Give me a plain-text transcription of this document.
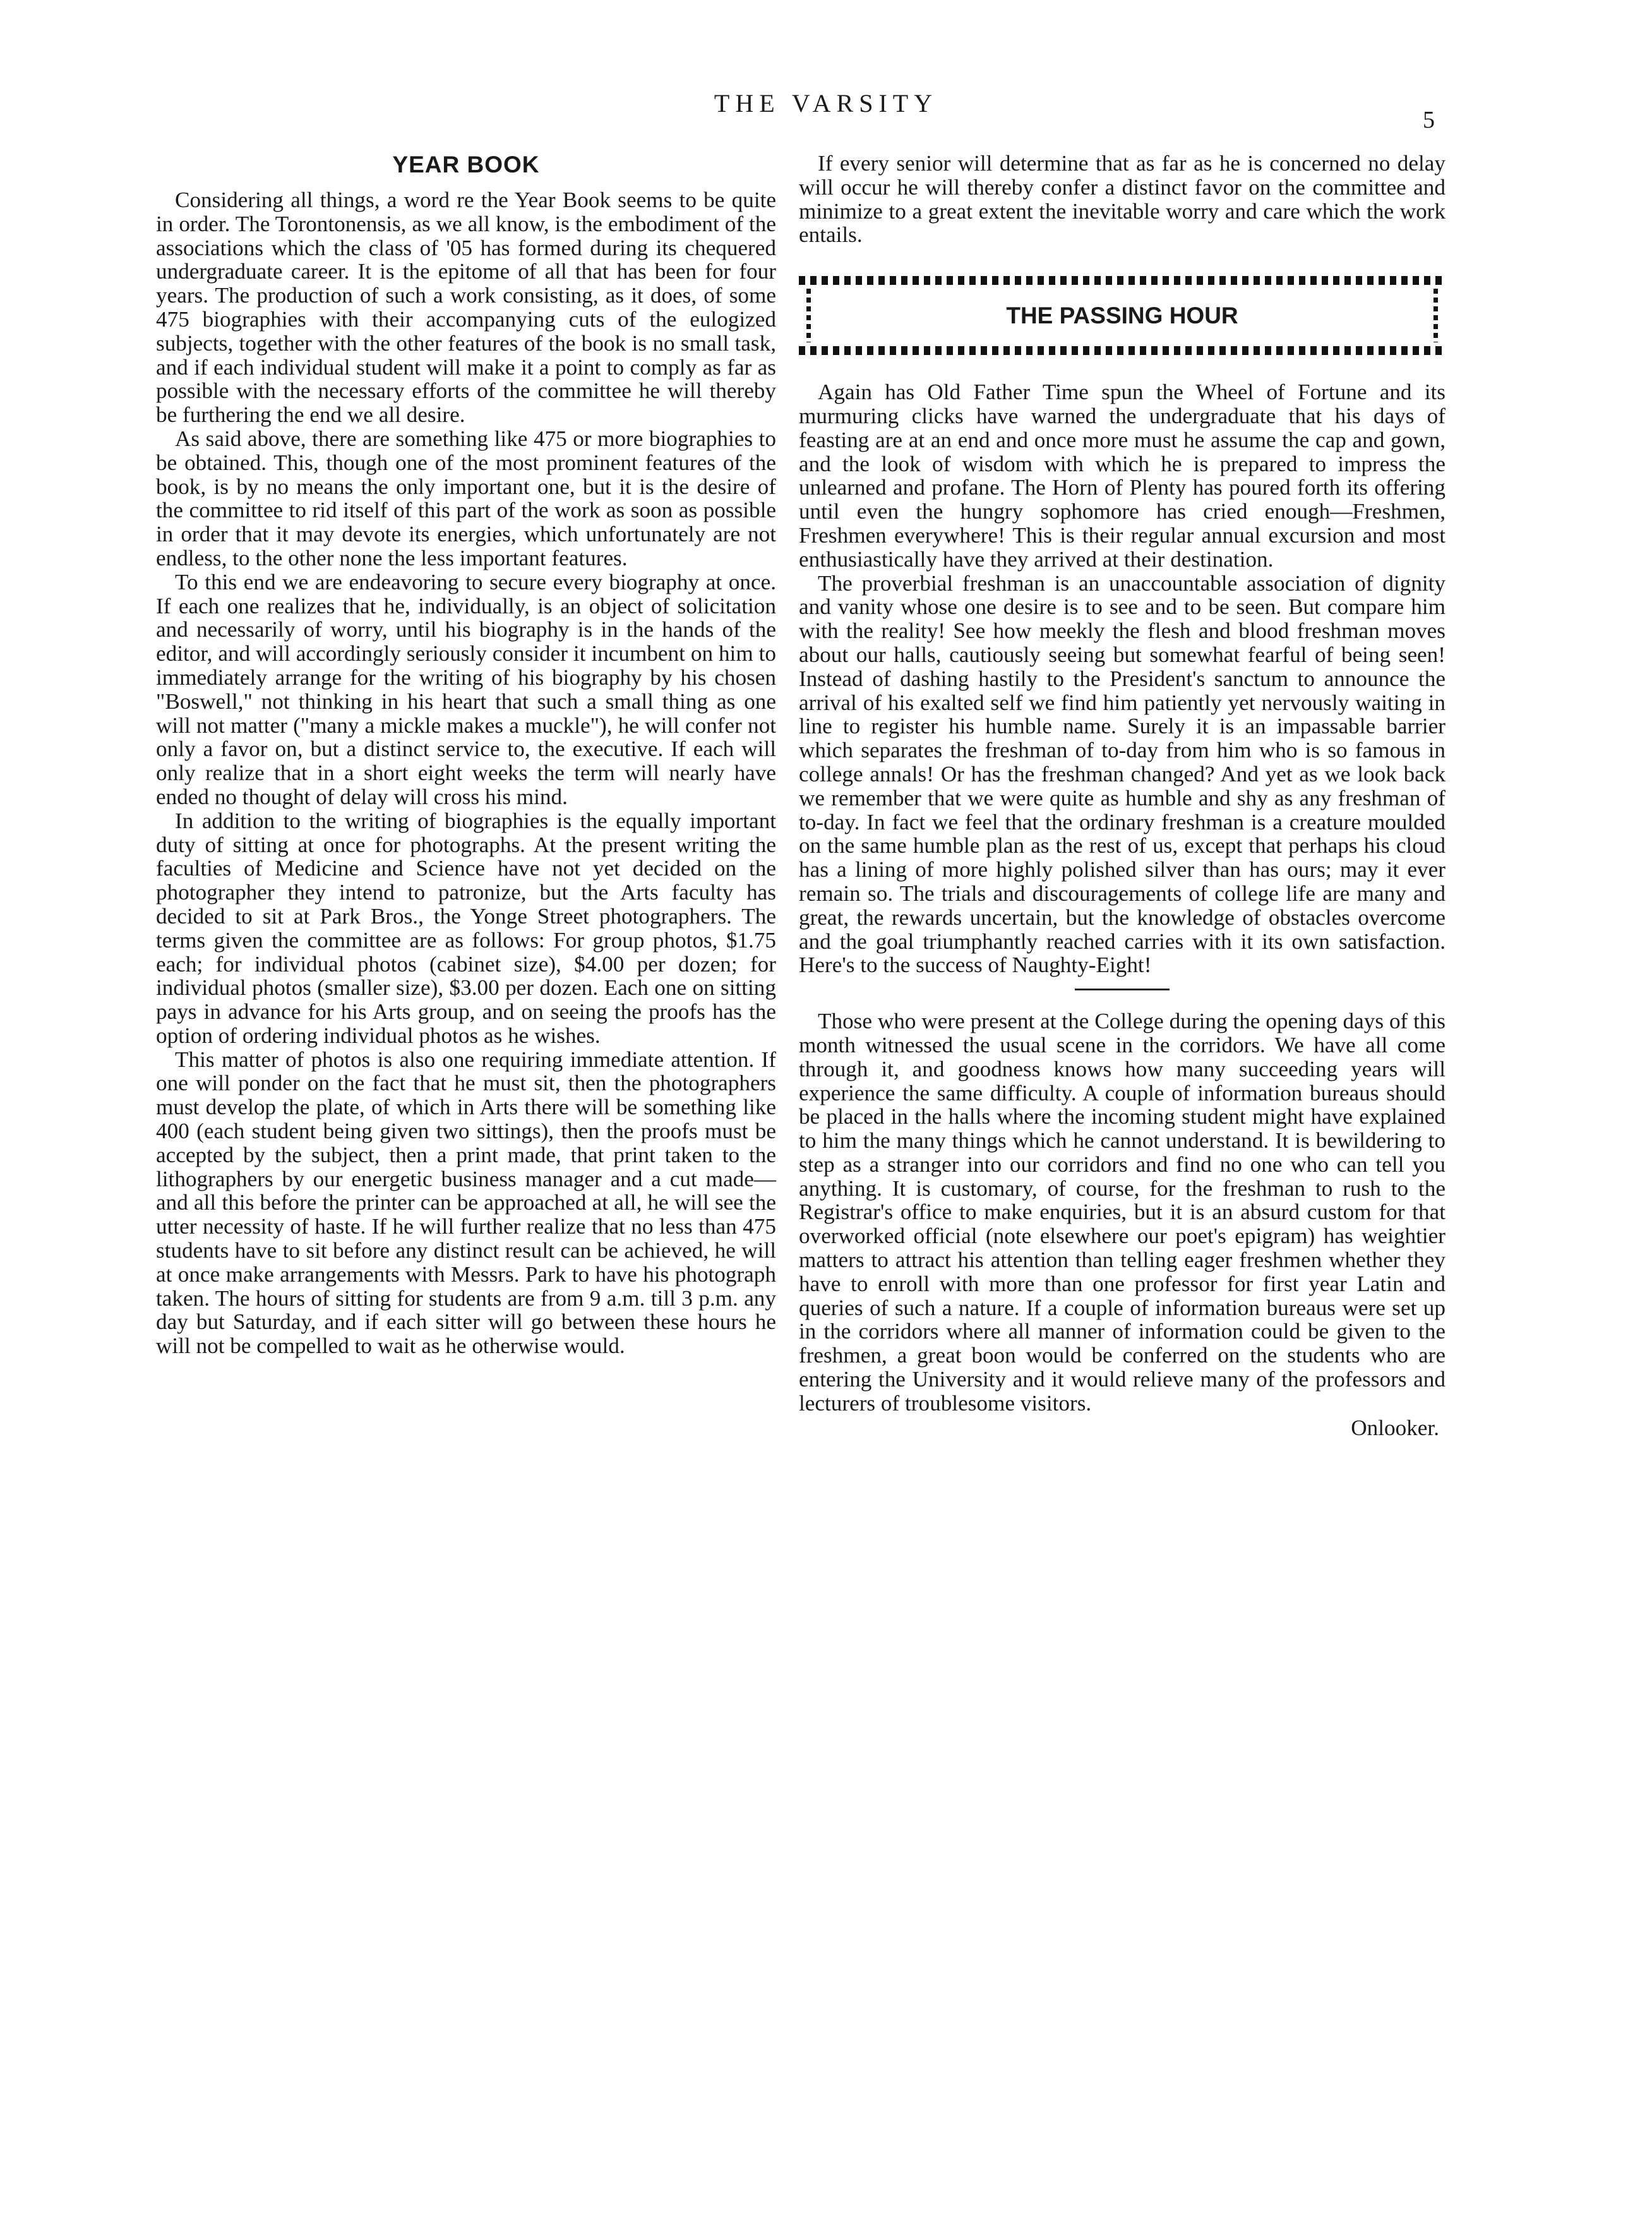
THE VARSITY
5
YEAR BOOK

Considering all things, a word re the Year Book seems to be quite in order. The Torontonensis, as we all know, is the embodiment of the associations which the class of '05 has formed during its chequered undergraduate career. It is the epitome of all that has been for four years. The production of such a work consisting, as it does, of some 475 biographies with their accompanying cuts of the eulogized subjects, together with the other features of the book is no small task, and if each individual student will make it a point to comply as far as possible with the necessary efforts of the committee he will thereby be furthering the end we all desire.

As said above, there are something like 475 or more biographies to be obtained. This, though one of the most prominent features of the book, is by no means the only important one, but it is the desire of the committee to rid itself of this part of the work as soon as possible in order that it may devote its energies, which unfortunately are not endless, to the other none the less important features.

To this end we are endeavoring to secure every biography at once. If each one realizes that he, individually, is an object of solicitation and necessarily of worry, until his biography is in the hands of the editor, and will accordingly seriously consider it incumbent on him to immediately arrange for the writing of his biography by his chosen "Boswell," not thinking in his heart that such a small thing as one will not matter ("many a mickle makes a muckle"), he will confer not only a favor on, but a distinct service to, the executive. If each will only realize that in a short eight weeks the term will nearly have ended no thought of delay will cross his mind.

In addition to the writing of biographies is the equally important duty of sitting at once for photographs. At the present writing the faculties of Medicine and Science have not yet decided on the photographer they intend to patronize, but the Arts faculty has decided to sit at Park Bros., the Yonge Street photographers. The terms given the committee are as follows: For group photos, $1.75 each; for individual photos (cabinet size), $4.00 per dozen; for individual photos (smaller size), $3.00 per dozen. Each one on sitting pays in advance for his Arts group, and on seeing the proofs has the option of ordering individual photos as he wishes.

This matter of photos is also one requiring immediate attention. If one will ponder on the fact that he must sit, then the photographers must develop the plate, of which in Arts there will be something like 400 (each student being given two sittings), then the proofs must be accepted by the subject, then a print made, that print taken to the lithographers by our energetic business manager and a cut made—and all this before the printer can be approached at all, he will see the utter necessity of haste. If he will further realize that no less than 475 students have to sit before any distinct result can be achieved, he will at once make arrangements with Messrs. Park to have his photograph taken. The hours of sitting for students are from 9 a.m. till 3 p.m. any day but Saturday, and if each sitter will go between these hours he will not be compelled to wait as he otherwise would.

If every senior will determine that as far as he is concerned no delay will occur he will thereby confer a distinct favor on the committee and minimize to a great extent the inevitable worry and care which the work entails.

THE PASSING HOUR

Again has Old Father Time spun the Wheel of Fortune and its murmuring clicks have warned the undergraduate that his days of feasting are at an end and once more must he assume the cap and gown, and the look of wisdom with which he is prepared to impress the unlearned and profane. The Horn of Plenty has poured forth its offering until even the hungry sophomore has cried enough—Freshmen, Freshmen everywhere! This is their regular annual excursion and most enthusiastically have they arrived at their destination.

The proverbial freshman is an unaccountable association of dignity and vanity whose one desire is to see and to be seen. But compare him with the reality! See how meekly the flesh and blood freshman moves about our halls, cautiously seeing but somewhat fearful of being seen! Instead of dashing hastily to the President's sanctum to announce the arrival of his exalted self we find him patiently yet nervously waiting in line to register his humble name. Surely it is an impassable barrier which separates the freshman of to-day from him who is so famous in college annals! Or has the freshman changed? And yet as we look back we remember that we were quite as humble and shy as any freshman of to-day. In fact we feel that the ordinary freshman is a creature moulded on the same humble plan as the rest of us, except that perhaps his cloud has a lining of more highly polished silver than has ours; may it ever remain so. The trials and discouragements of college life are many and great, the rewards uncertain, but the knowledge of obstacles overcome and the goal triumphantly reached carries with it its own satisfaction. Here's to the success of Naughty-Eight!

Those who were present at the College during the opening days of this month witnessed the usual scene in the corridors. We have all come through it, and goodness knows how many succeeding years will experience the same difficulty. A couple of information bureaus should be placed in the halls where the incoming student might have explained to him the many things which he cannot understand. It is bewildering to step as a stranger into our corridors and find no one who can tell you anything. It is customary, of course, for the freshman to rush to the Registrar's office to make enquiries, but it is an absurd custom for that overworked official (note elsewhere our poet's epigram) has weightier matters to attract his attention than telling eager freshmen whether they have to enroll with more than one professor for first year Latin and queries of such a nature. If a couple of information bureaus were set up in the corridors where all manner of information could be given to the freshmen, a great boon would be conferred on the students who are entering the University and it would relieve many of the professors and lecturers of troublesome visitors.

Onlooker.
